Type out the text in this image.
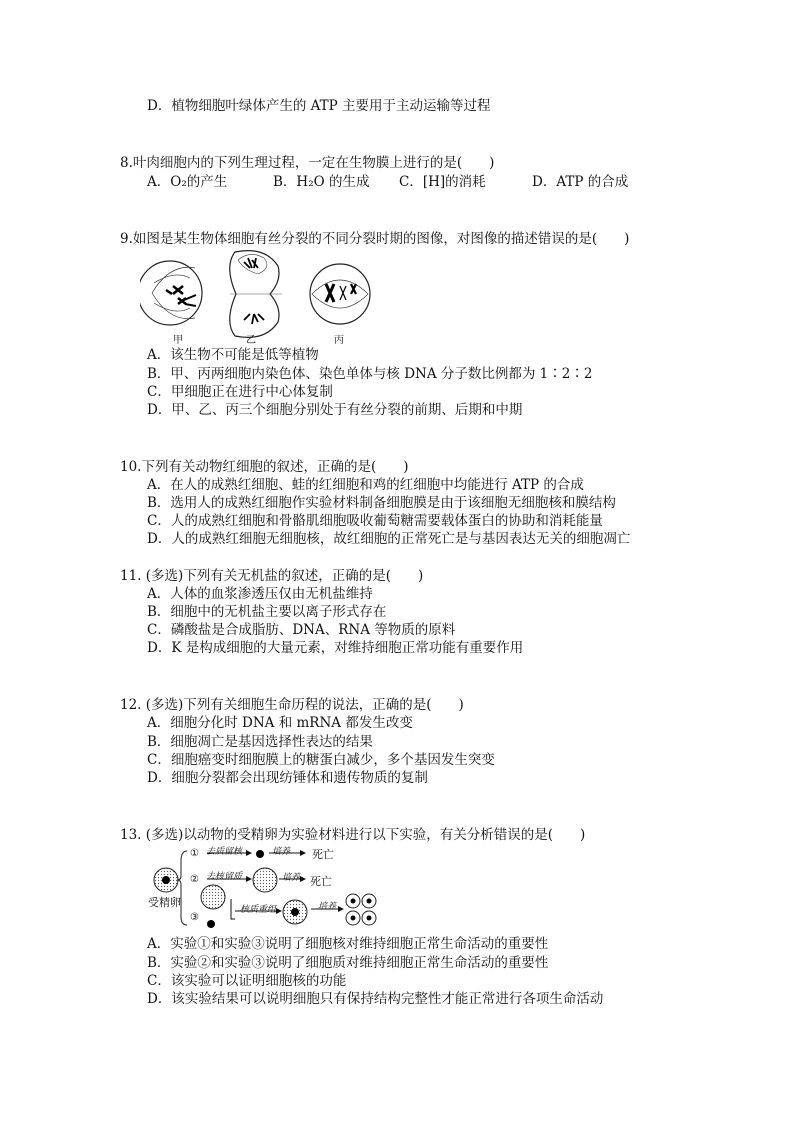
D．植物细胞叶绿体产生的 ATP 主要用于主动运输等过程
8.叶肉细胞内的下列生理过程，一定在生物膜上进行的是(　　)
A．O₂的产生	B．H₂O 的生成	C．[H]的消耗	D．ATP 的合成
9.如图是某生物体细胞有丝分裂的不同分裂时期的图像，对图像的描述错误的是(　　)
甲	乙	丙
A．该生物不可能是低等植物
B．甲、丙两细胞内染色体、染色单体与核 DNA 分子数比例都为 1∶2∶2
C．甲细胞正在进行中心体复制
D．甲、乙、丙三个细胞分别处于有丝分裂的前期、后期和中期
10.下列有关动物红细胞的叙述，正确的是(　　)
A．在人的成熟红细胞、蛙的红细胞和鸡的红细胞中均能进行 ATP 的合成
B．选用人的成熟红细胞作实验材料制备细胞膜是由于该细胞无细胞核和膜结构
C．人的成熟红细胞和骨骼肌细胞吸收葡萄糖需要载体蛋白的协助和消耗能量
D．人的成熟红细胞无细胞核，故红细胞的正常死亡是与基因表达无关的细胞凋亡
11. (多选)下列有关无机盐的叙述，正确的是(　　)
A．人体的血浆渗透压仅由无机盐维持
B．细胞中的无机盐主要以离子形式存在
C．磷酸盐是合成脂肪、DNA、RNA 等物质的原料
D．K 是构成细胞的大量元素，对维持细胞正常功能有重要作用
12. (多选)下列有关细胞生命历程的说法，正确的是(　　)
A．细胞分化时 DNA 和 mRNA 都发生改变
B．细胞凋亡是基因选择性表达的结果
C．细胞癌变时细胞膜上的糖蛋白减少，多个基因发生突变
D．细胞分裂都会出现纺锤体和遗传物质的复制
13. (多选)以动物的受精卵为实验材料进行以下实验，有关分析错误的是(　　)
① 去质留核	培养 死亡
② 去核留质	培养 死亡
受精卵
③
核质重组	培养
A．实验①和实验③说明了细胞核对维持细胞正常生命活动的重要性
B．实验②和实验③说明了细胞质对维持细胞正常生命活动的重要性
C．该实验可以证明细胞核的功能
D．该实验结果可以说明细胞只有保持结构完整性才能正常进行各项生命活动
